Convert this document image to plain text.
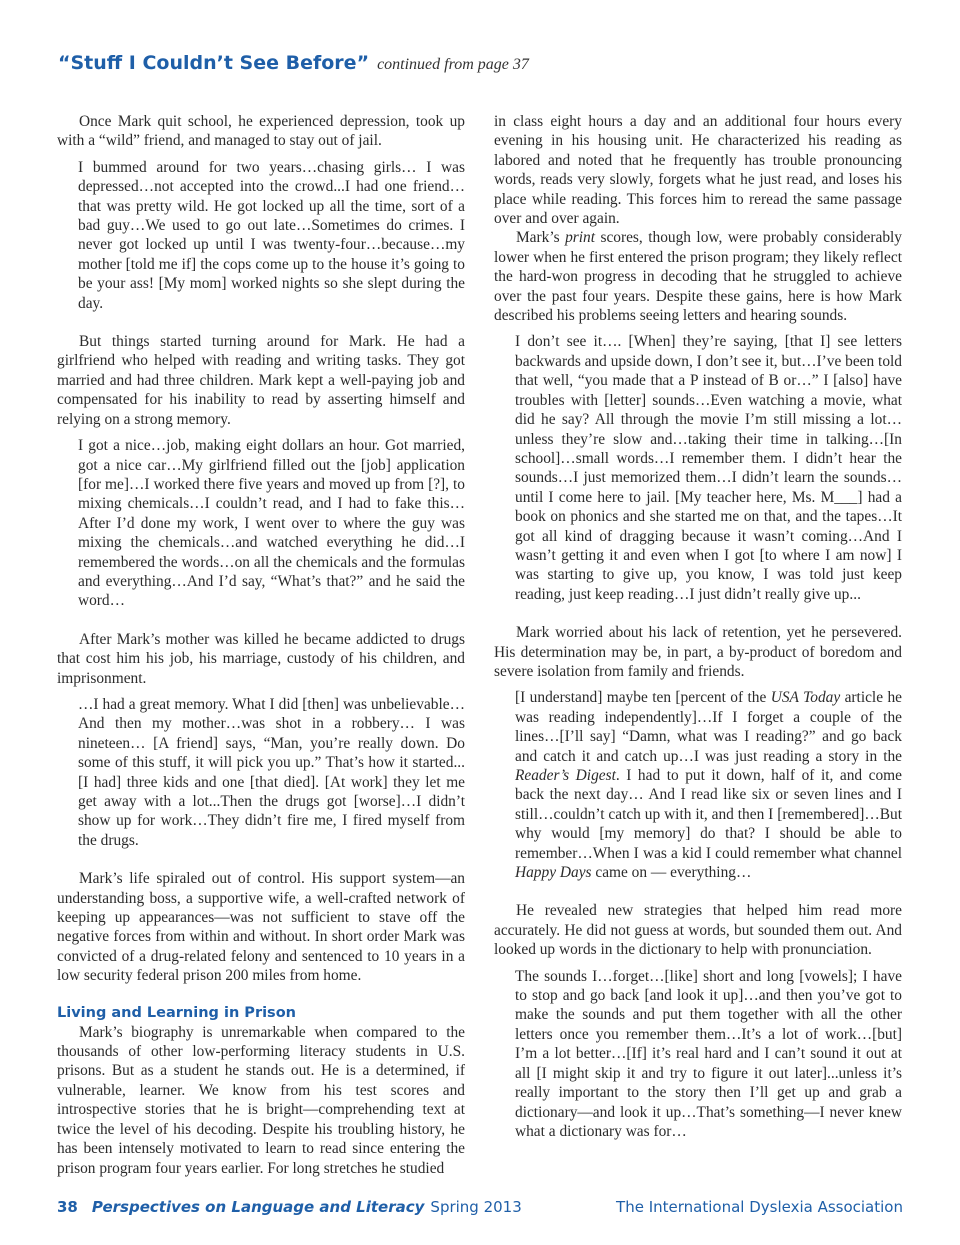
“Stuff I Couldn’t See Before” continued from page 37

Once Mark quit school, he experienced depression, took up with a “wild” friend, and managed to stay out of jail.

I bummed around for two years…chasing girls… I was depressed…not accepted into the crowd...I had one friend…that was pretty wild. He got locked up all the time, sort of a bad guy…We used to go out late…Sometimes do crimes. I never got locked up until I was twenty-four…because…my mother [told me if] the cops come up to the house it’s going to be your ass! [My mom] worked nights so she slept during the day.

But things started turning around for Mark. He had a girlfriend who helped with reading and writing tasks. They got married and had three children. Mark kept a well-paying job and compensated for his inability to read by asserting himself and relying on a strong memory.

I got a nice…job, making eight dollars an hour. Got married, got a nice car…My girlfriend filled out the [job] application [for me]…I worked there five years and moved up from [?], to mixing chemicals…I couldn’t read, and I had to fake this…After I’d done my work, I went over to where the guy was mixing the chemicals…and watched everything he did…I remembered the words…on all the chemicals and the formulas and everything…And I’d say, “What’s that?” and he said the word…

After Mark’s mother was killed he became addicted to drugs that cost him his job, his marriage, custody of his children, and imprisonment.

…I had a great memory. What I did [then] was unbelievable…And then my mother…was shot in a robbery… I was nineteen… [A friend] says, “Man, you’re really down. Do some of this stuff, it will pick you up.” That’s how it started...[I had] three kids and one [that died]. [At work] they let me get away with a lot...Then the drugs got [worse]…I didn’t show up for work…They didn’t fire me, I fired myself from the drugs.

Mark’s life spiraled out of control. His support system—an understanding boss, a supportive wife, a well-crafted network of keeping up appearances—was not sufficient to stave off the negative forces from within and without. In short order Mark was convicted of a drug-related felony and sentenced to 10 years in a low security federal prison 200 miles from home.

Living and Learning in Prison

Mark’s biography is unremarkable when compared to the thousands of other low-performing literacy students in U.S. prisons. But as a student he stands out. He is a determined, if vulnerable, learner. We know from his test scores and introspective stories that he is bright—comprehending text at twice the level of his decoding. Despite his troubling history, he has been intensely motivated to learn to read since entering the prison program four years earlier. For long stretches he studied

in class eight hours a day and an additional four hours every evening in his housing unit. He characterized his reading as labored and noted that he frequently has trouble pronouncing words, reads very slowly, forgets what he just read, and loses his place while reading. This forces him to reread the same passage over and over again.

Mark’s print scores, though low, were probably considerably lower when he first entered the prison program; they likely reflect the hard-won progress in decoding that he struggled to achieve over the past four years. Despite these gains, here is how Mark described his problems seeing letters and hearing sounds.

I don’t see it…. [When] they’re saying, [that I] see letters backwards and upside down, I don’t see it, but…I’ve been told that well, “you made that a P instead of B or…” I [also] have troubles with [letter] sounds…Even watching a movie, what did he say? All through the movie I’m still missing a lot…unless they’re slow and…taking their time in talking…[In school]…small words…I remember them. I didn’t hear the sounds…I just memorized them…I didn’t learn the sounds…until I come here to jail. [My teacher here, Ms. M___] had a book on phonics and she started me on that, and the tapes…It got all kind of dragging because it wasn’t coming…And I wasn’t getting it and even when I got [to where I am now] I was starting to give up, you know, I was told just keep reading, just keep reading…I just didn’t really give up...

Mark worried about his lack of retention, yet he persevered. His determination may be, in part, a by-product of boredom and severe isolation from family and friends.

[I understand] maybe ten [percent of the USA Today article he was reading independently]…If I forget a couple of the lines…[I’ll say] “Damn, what was I reading?” and go back and catch it and catch up…I was just reading a story in the Reader’s Digest. I had to put it down, half of it, and come back the next day… And I read like six or seven lines and I still…couldn’t catch up with it, and then I [remembered]…But why would [my memory] do that? I should be able to remember…When I was a kid I could remember what channel Happy Days came on — everything…

He revealed new strategies that helped him read more accurately. He did not guess at words, but sounded them out. And looked up words in the dictionary to help with pronunciation.

The sounds I…forget…[like] short and long [vowels]; I have to stop and go back [and look it up]…and then you’ve got to make the sounds and put them together with all the other letters once you remember them…It’s a lot of work…[but] I’m a lot better…[If] it’s real hard and I can’t sound it out at all [I might skip it and try to figure it out later]...unless it’s really important to the story then I’ll get up and grab a dictionary—and look it up…That’s something—I never knew what a dictionary was for…

38 Perspectives on Language and Literacy Spring 2013	The International Dyslexia Association
